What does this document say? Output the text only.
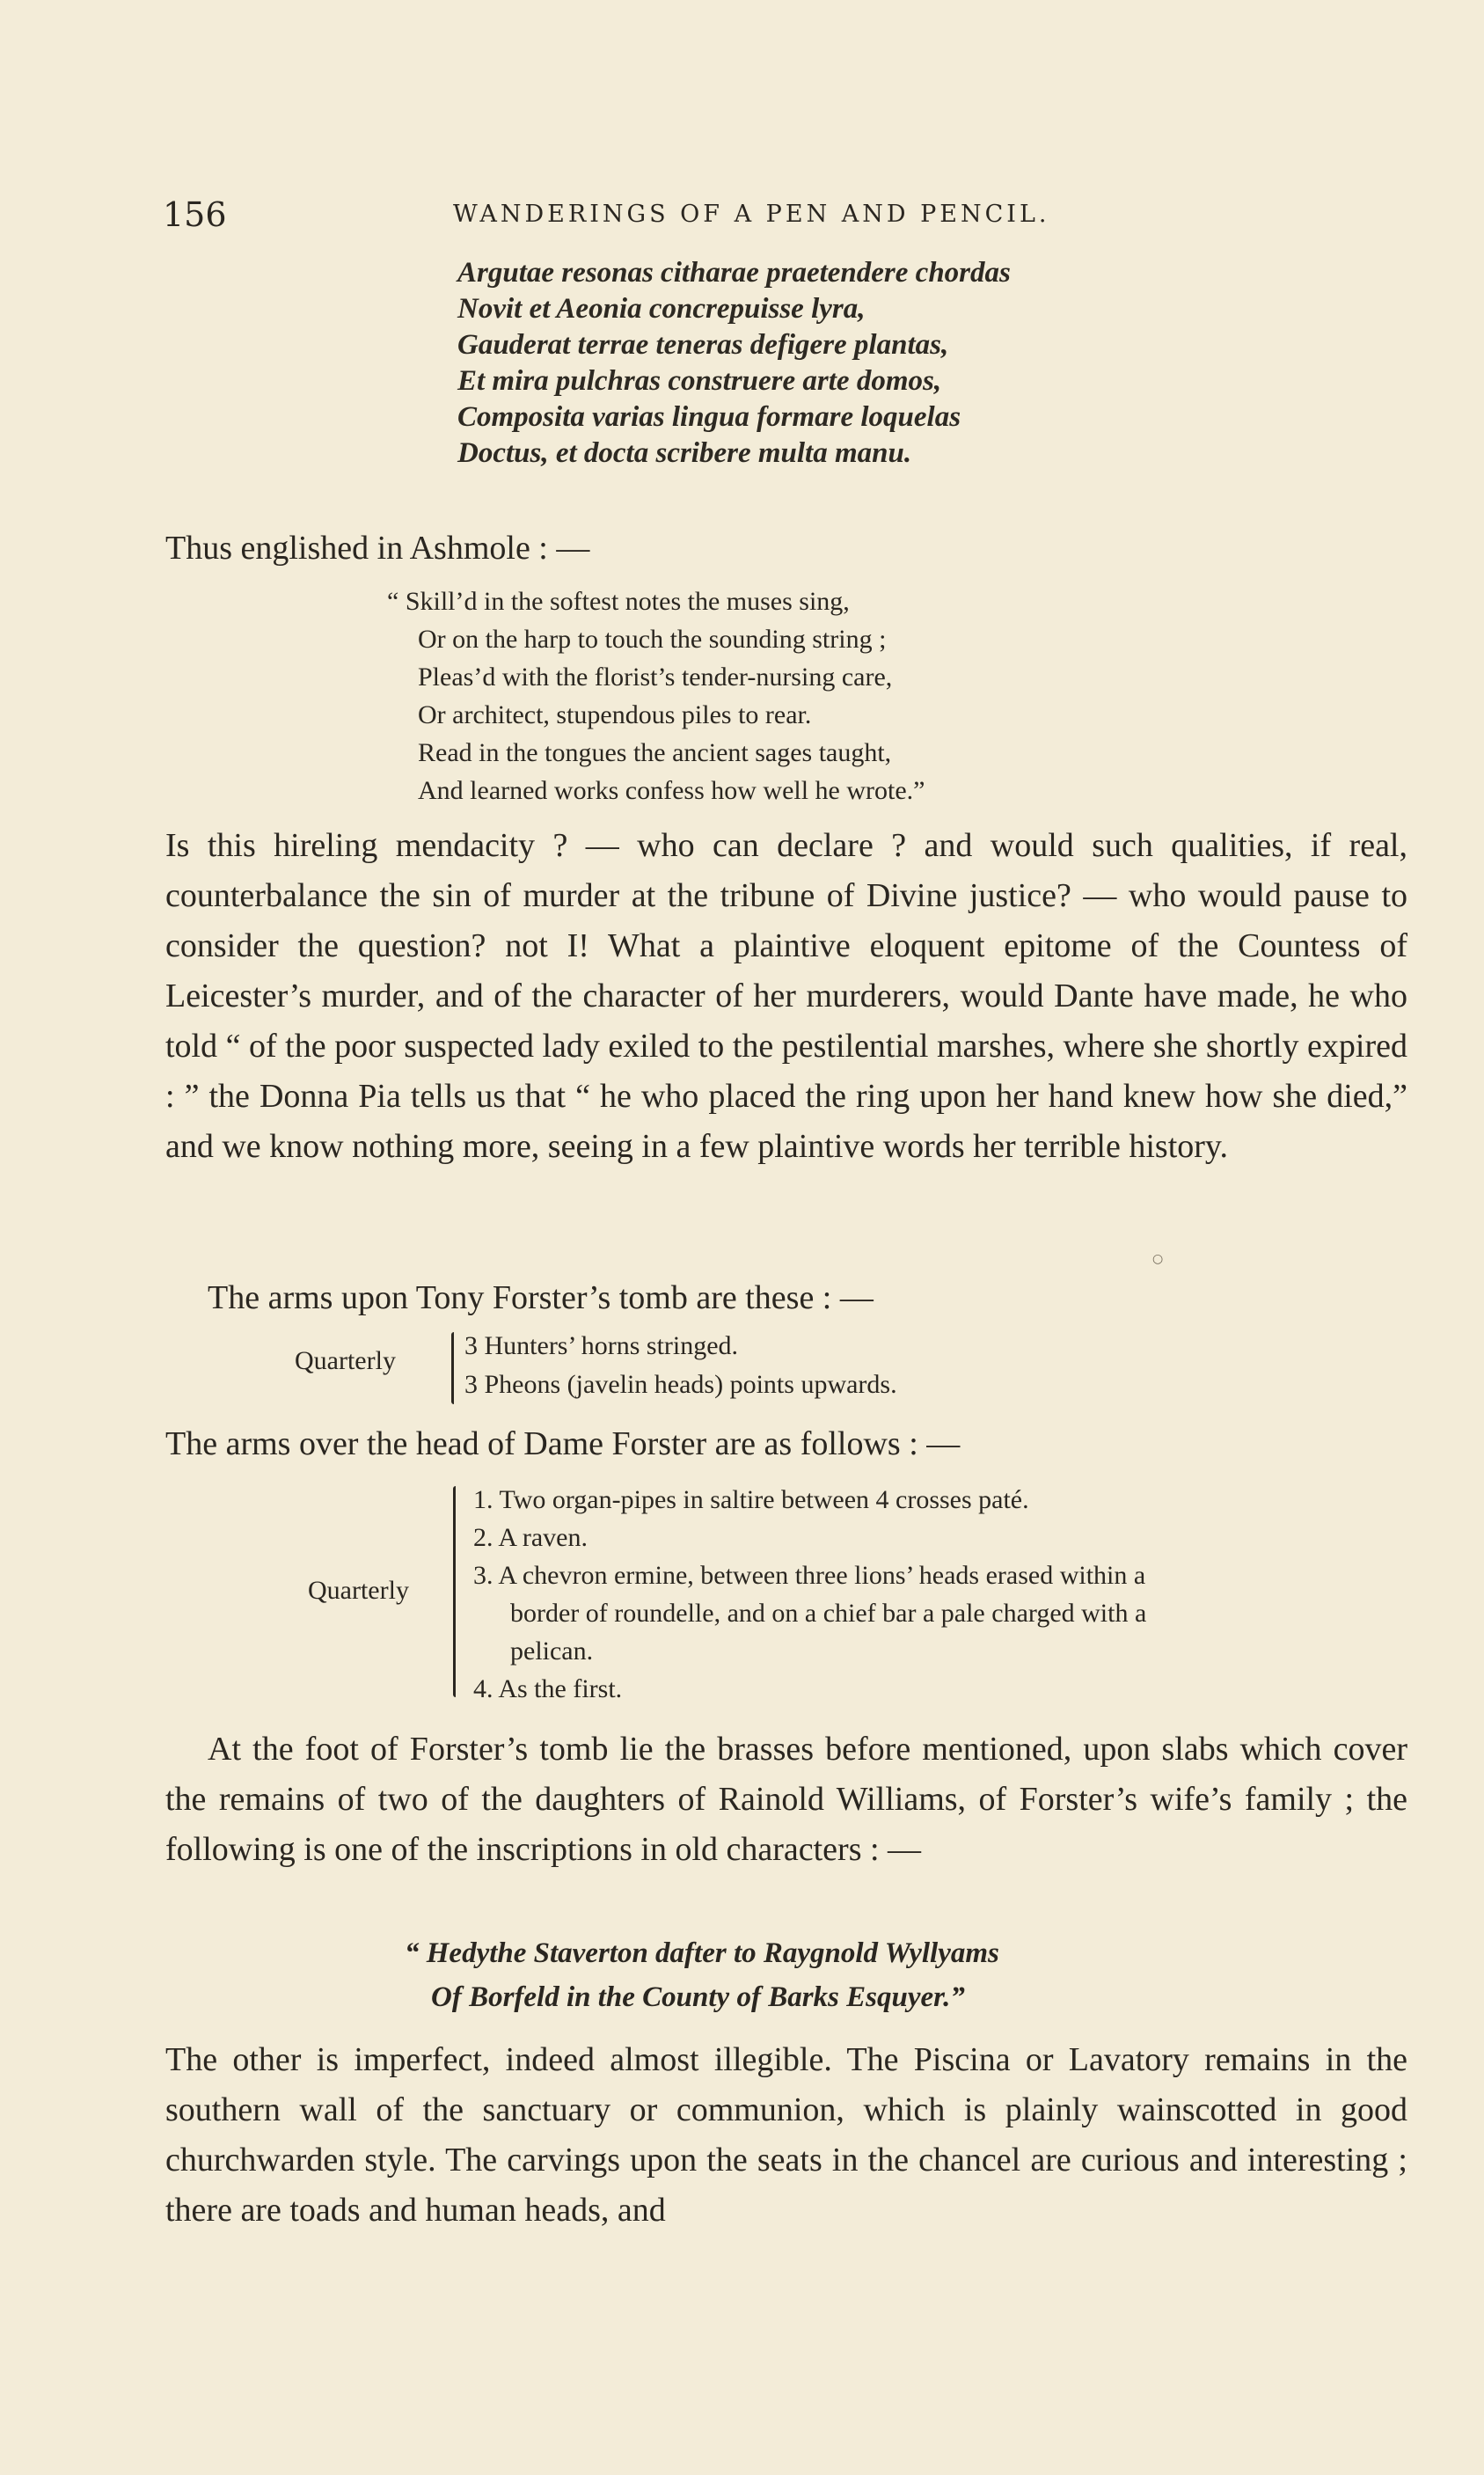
156	WANDERINGS OF A PEN AND PENCIL.
Argutae resonas citharae praetendere chordas
Novit et Aeonia concrepuisse lyra,
Gauderat terrae teneras defigere plantas,
Et mira pulchras construere arte domos,
Composita varias lingua formare loquelas
Doctus, et docta scribere multa manu.

Thus englished in Ashmole : —

“ Skill’d in the softest notes the muses sing,
Or on the harp to touch the sounding string ;
Pleas’d with the florist’s tender-nursing care,
Or architect, stupendous piles to rear.
Read in the tongues the ancient sages taught,
And learned works confess how well he wrote.”

Is this hireling mendacity ? — who can declare ? and would such qualities, if real, counterbalance the sin of murder at the tribune of Divine justice? — who would pause to consider the question? not I! What a plaintive eloquent epitome of the Countess of Leicester’s murder, and of the character of her murderers, would Dante have made, he who told “ of the poor suspected lady exiled to the pestilential marshes, where she shortly expired : ” the Donna Pia tells us that “ he who placed the ring upon her hand knew how she died,” and we know nothing more, seeing in a few plaintive words her terrible history.

The arms upon Tony Forster’s tomb are these : —

Quarterly
3 Hunters’ horns stringed.
3 Pheons (javelin heads) points upwards.

The arms over the head of Dame Forster are as follows : —

Quarterly
1. Two organ-pipes in saltire between 4 crosses paté.
2. A raven.
3. A chevron ermine, between three lions’ heads erased within a
border of roundelle, and on a chief bar a pale charged with a
pelican.
4. As the first.

At the foot of Forster’s tomb lie the brasses before mentioned, upon slabs which cover the remains of two of the daughters of Rainold Williams, of Forster’s wife’s family ; the following is one of the inscriptions in old characters : —

“ Hedythe Staverton dafter to Raygnold Wyllyams
Of Borfeld in the County of Barks Esquyer.”

The other is imperfect, indeed almost illegible. The Piscina or Lavatory remains in the southern wall of the sanctuary or communion, which is plainly wainscotted in good churchwarden style. The carvings upon the seats in the chancel are curious and interesting ; there are toads and human heads, and

○
